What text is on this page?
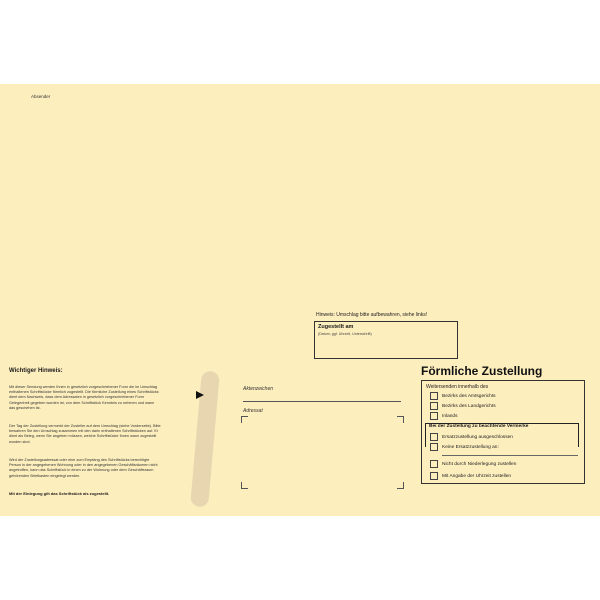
Absender
Hinweis: Umschlag bitte aufbewahren, siehe links!
Zugestellt am
(Datum, ggf. Uhrzeit, Unterschrift)
Wichtiger Hinweis:
Mit dieser Sendung werden Ihnen in gesetzlich vorgeschriebener Form die im Umschlag enthaltenen Schriftstücke förmlich zugestellt. Die förmliche Zustellung eines Schriftstücks dient dem Nachweis, dass dem Adressaten in gesetzlich vorgeschriebener Form Gelegenheit gegeben worden ist, von dem Schriftstück Kenntnis zu nehmen und wann das geschehen ist.
Der Tag der Zustellung vermerkt der Zusteller auf dem Umschlag (siehe Vorderseite). Bitte bewahren Sie den Umschlag zusammen mit den darin enthaltenen Schriftstücken auf. Er dient als Beleg, wenn Sie angeben müssen, welche Schriftstücke Ihnen wann zugestellt worden sind.
Wird der Zustellungsadressat oder eine zum Empfang des Schriftstücks berechtigte Person in der angegebenen Wohnung oder in den angegebenen Geschäftsräumen nicht angetroffen, kann das Schriftstück in einen zu der Wohnung oder dem Geschäftsraum gehörenden Briefkasten eingelegt werden.
Mit der Einlegung gilt das Schriftstück als zugestellt.
Aktenzeichen
Adressat
Förmliche Zustellung
Weitersenden innerhalb des
Bezirks des Amtsgerichts
Bezirks des Landgerichts
Inlands
Bei der Zustellung zu beachtende Vermerke
Ersatzzustellung ausgeschlossen
Keine Ersatzzustellung an:
Nicht durch Niederlegung zustellen
Mit Angabe der Uhrzeit zustellen
